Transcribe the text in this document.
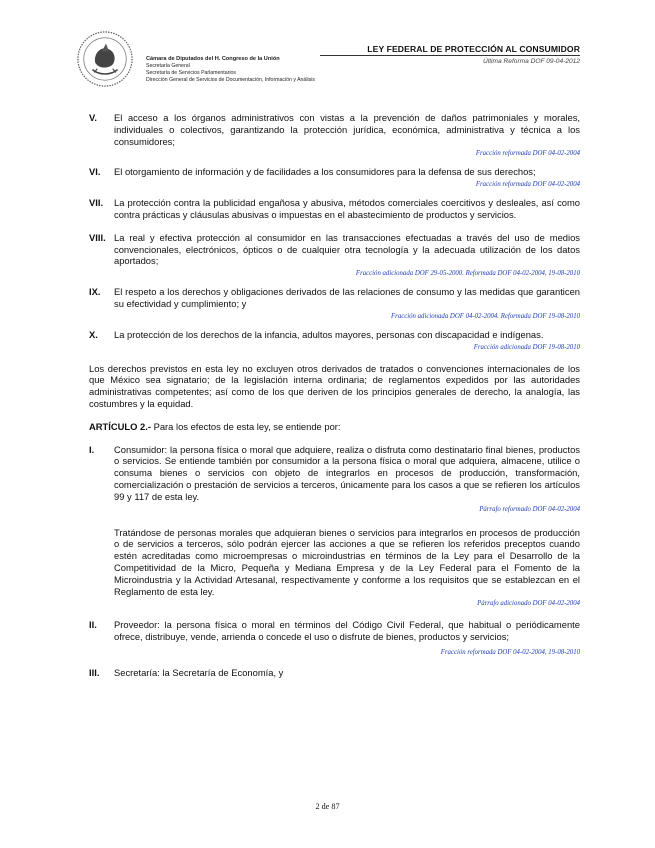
Cámara de Diputados del H. Congreso de la Unión
Secretaría General
Secretaría de Servicios Parlamentarios
Dirección General de Servicios de Documentación, Información y Análisis
LEY FEDERAL DE PROTECCIÓN AL CONSUMIDOR
Última Reforma DOF 09-04-2012
V.	El acceso a los órganos administrativos con vistas a la prevención de daños patrimoniales y morales, individuales o colectivos, garantizando la protección jurídica, económica, administrativa y técnica a los consumidores;
Fracción reformada DOF 04-02-2004
VI.	El otorgamiento de información y de facilidades a los consumidores para la defensa de sus derechos;
Fracción reformada DOF 04-02-2004
VII.	La protección contra la publicidad engañosa y abusiva, métodos comerciales coercitivos y desleales, así como contra prácticas y cláusulas abusivas o impuestas en el abastecimiento de productos y servicios.
VIII. La real y efectiva protección al consumidor en las transacciones efectuadas a través del uso de medios convencionales, electrónicos, ópticos o de cualquier otra tecnología y la adecuada utilización de los datos aportados;
Fracción adicionada DOF 29-05-2000. Reformada DOF 04-02-2004, 19-08-2010
IX.	El respeto a los derechos y obligaciones derivados de las relaciones de consumo y las medidas que garanticen su efectividad y cumplimiento; y
Fracción adicionada DOF 04-02-2004. Reformada DOF 19-08-2010
X.	La protección de los derechos de la infancia, adultos mayores, personas con discapacidad e indígenas.
Fracción adicionada DOF 19-08-2010
Los derechos previstos en esta ley no excluyen otros derivados de tratados o convenciones internacionales de los que México sea signatario; de la legislación interna ordinaria; de reglamentos expedidos por las autoridades administrativas competentes; así como de los que deriven de los principios generales de derecho, la analogía, las costumbres y la equidad.
ARTÍCULO 2.- Para los efectos de esta ley, se entiende por:
I.	Consumidor: la persona física o moral que adquiere, realiza o disfruta como destinatario final bienes, productos o servicios. Se entiende también por consumidor a la persona física o moral que adquiera, almacene, utilice o consuma bienes o servicios con objeto de integrarlos en procesos de producción, transformación, comercialización o prestación de servicios a terceros, únicamente para los casos a que se refieren los artículos 99 y 117 de esta ley.
Párrafo reformado DOF 04-02-2004
Tratándose de personas morales que adquieran bienes o servicios para integrarlos en procesos de producción o de servicios a terceros, sólo podrán ejercer las acciones a que se refieren los referidos preceptos cuando estén acreditadas como microempresas o microindustrias en términos de la Ley para el Desarrollo de la Competitividad de la Micro, Pequeña y Mediana Empresa y de la Ley Federal para el Fomento de la Microindustria y la Actividad Artesanal, respectivamente y conforme a los requisitos que se establezcan en el Reglamento de esta ley.
Párrafo adicionado DOF 04-02-2004
II.	Proveedor: la persona física o moral en términos del Código Civil Federal, que habitual o periódicamente ofrece, distribuye, vende, arrienda o concede el uso o disfrute de bienes, productos y servicios;
Fracción reformada DOF 04-02-2004, 19-08-2010
III.	Secretaría: la Secretaría de Economía, y
2 de 87
